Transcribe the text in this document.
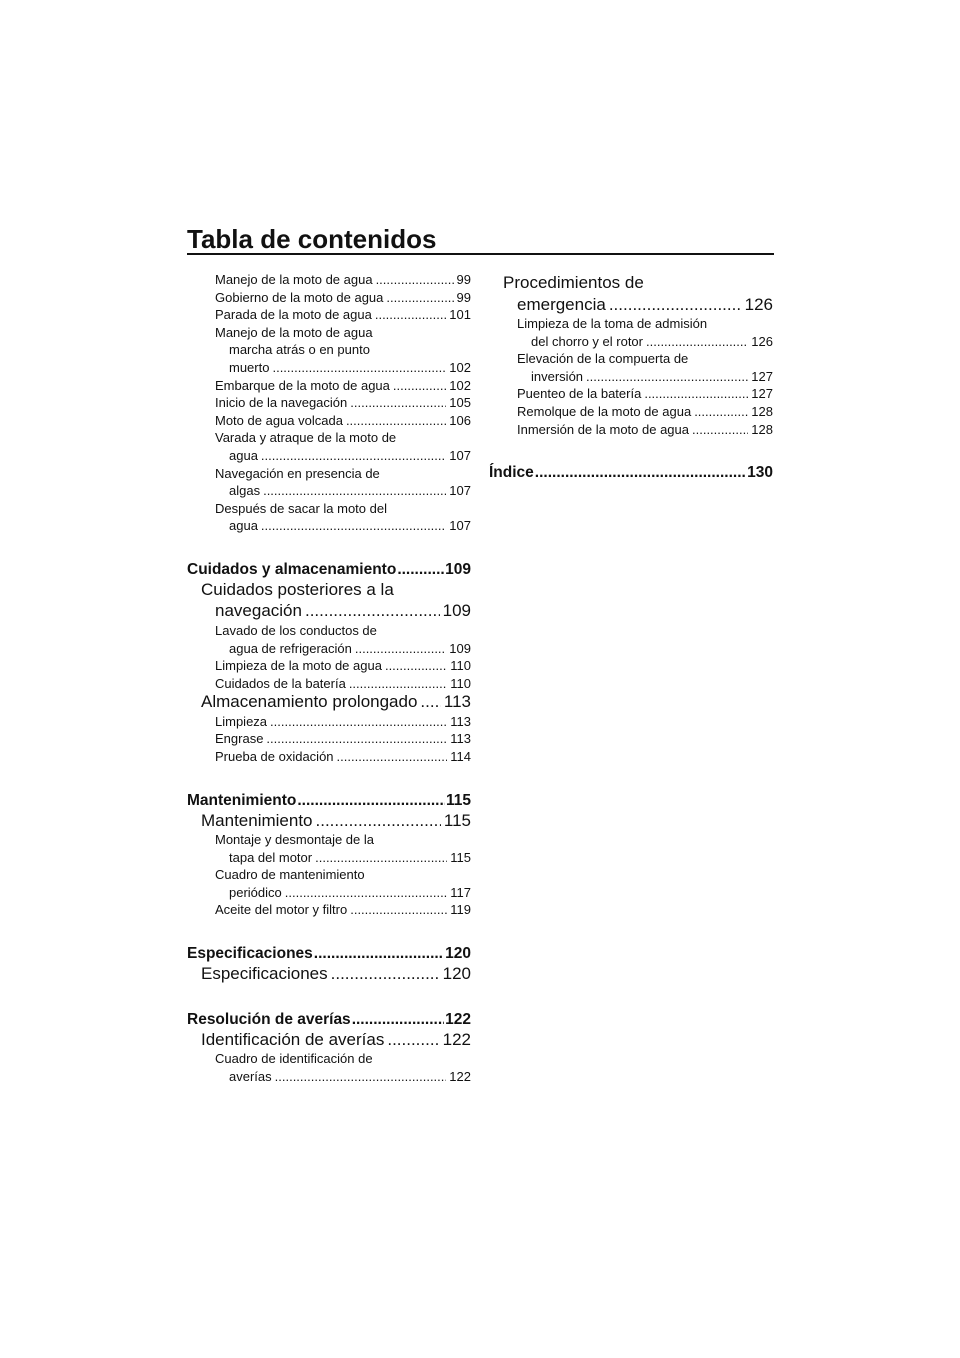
Tabla de contenidos
Manejo de la moto de agua .....	99
Gobierno de la moto de agua .....	99
Parada de la moto de agua .....	101
Manejo de la moto de agua
marcha atrás o en punto
muerto .....	102
Embarque de la moto de agua .....	102
Inicio de la navegación .....	105
Moto de agua volcada .....	106
Varada y atraque de la moto de
agua .....	107
Navegación en presencia de
algas .....	107
Después de sacar la moto del
agua .....	107
Cuidados y almacenamiento .....	109
Cuidados posteriores a la
navegación .....	109
Lavado de los conductos de
agua de refrigeración .....	109
Limpieza de la moto de agua .....	110
Cuidados de la batería .....	110
Almacenamiento prolongado ..... 113
Limpieza .....	113
Engrase .....	113
Prueba de oxidación .....	114
Mantenimiento .....	115
Mantenimiento .....	115
Montaje y desmontaje de la
tapa del motor .....	115
Cuadro de mantenimiento
periódico .....	117
Aceite del motor y filtro .....	119
Especificaciones .....	120
Especificaciones .....	120
Resolución de averías .....	122
Identificación de averías .....	122
Cuadro de identificación de
averías .....	122
Procedimientos de
emergencia .....	126
Limpieza de la toma de admisión
del chorro y el rotor .....	126
Elevación de la compuerta de
inversión .....	127
Puenteo de la batería .....	127
Remolque de la moto de agua .....	128
Inmersión de la moto de agua .....	128
Índice .....	130
